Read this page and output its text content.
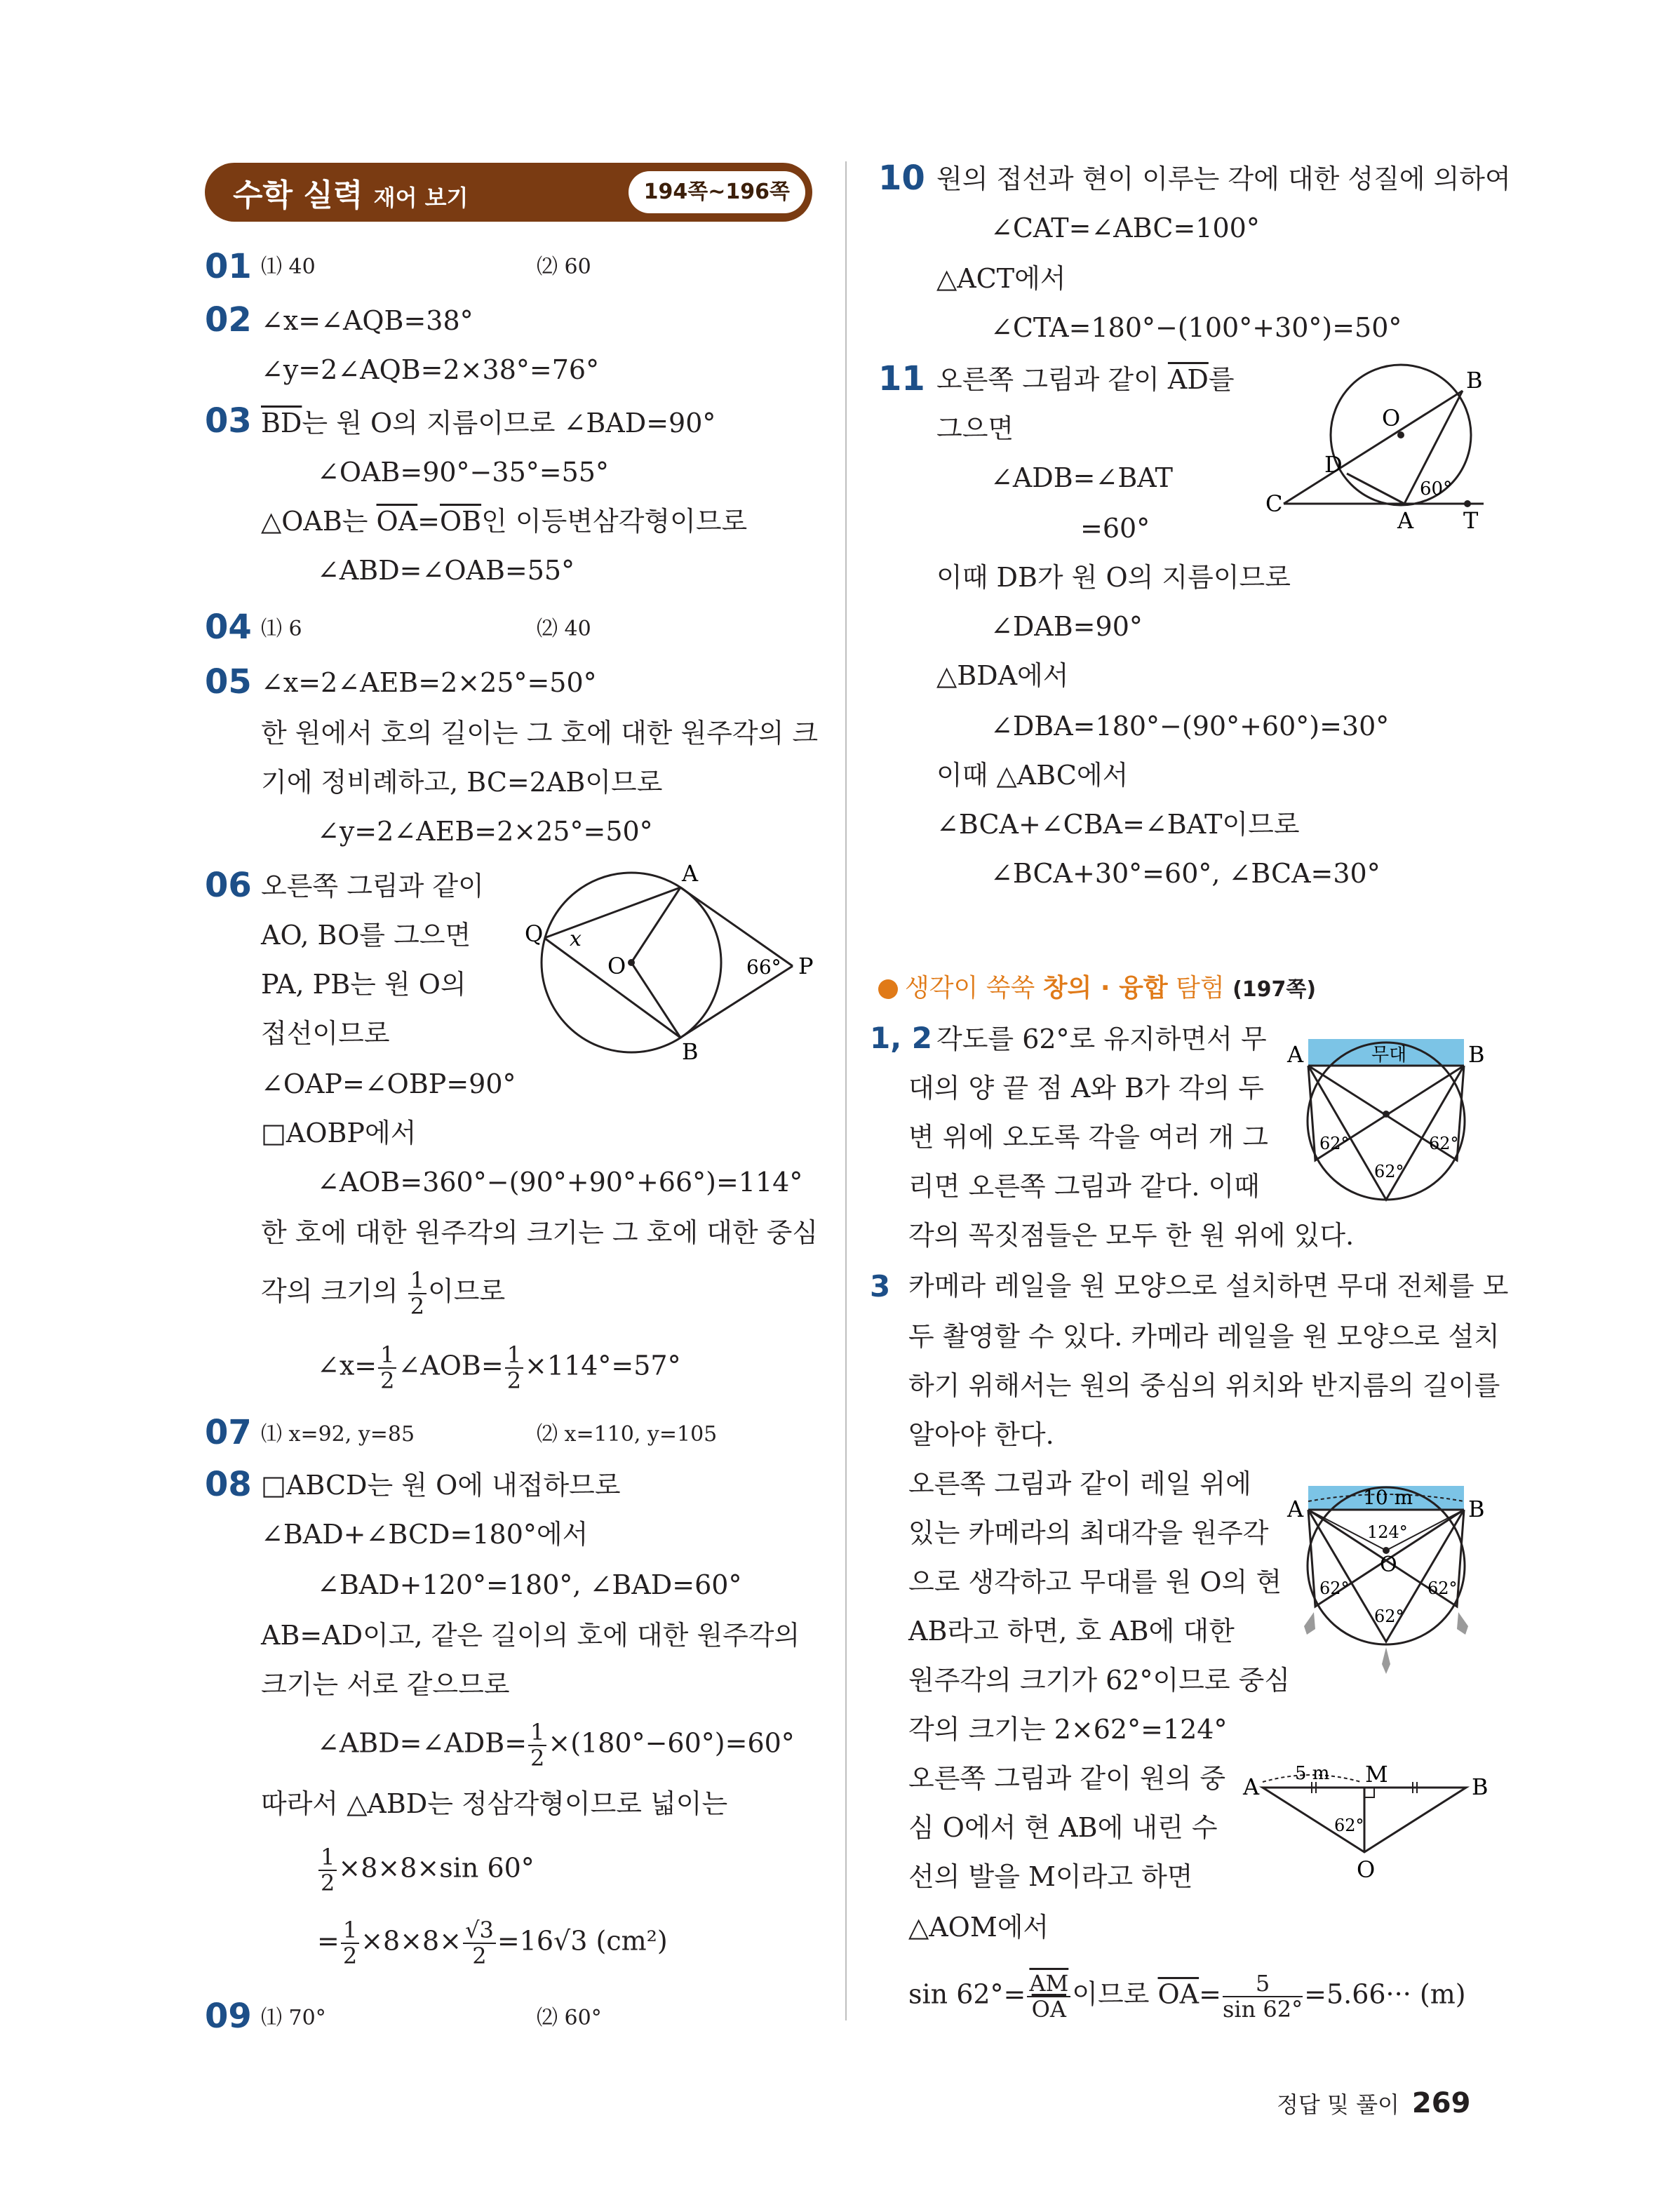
수학 실력 재어 보기	194쪽~196쪽
01 ⑴ 40	⑵ 60
02 ∠x=∠AQB=38°
∠y=2∠AQB=2×38°=76°
03 $\overline{BD}$는 원 O의 지름이므로 ∠BAD=90°
∠OAB=90°−35°=55°
△OAB는 $\overline{OA}=\overline{OB}$인 이등변삼각형이므로
∠ABD=∠OAB=55°
04 ⑴ 6	⑵ 40
05 ∠x=2∠AEB=2×25°=50°
한 원에서 호의 길이는 그 호에 대한 원주각의 크
기에 정비례하고, BC=2AB이므로
∠y=2∠AEB=2×25°=50°
06 오른쪽 그림과 같이
AO, BO를 그으면
PA, PB는 원 O의
접선이므로
∠OAP=∠OBP=90°
□AOBP에서
∠AOB=360°−(90°+90°+66°)=114°
한 호에 대한 원주각의 크기는 그 호에 대한 중심
각의 크기의 $\frac{1}{2}$ 이므로
∠x= $\frac{1}{2}$ ∠AOB= $\frac{1}{2} \times 114^\circ=57^\circ$
A
B
Q
P
O
x
66°
07 ⑴ x=92, y=85	⑵ x=110, y=105
08 □ABCD는 원 O에 내접하므로
∠BAD+∠BCD=180°에서
∠BAD+120°=180°, ∠BAD=60°
AB=AD이고, 같은 길이의 호에 대한 원주각의
크기는 서로 같으므로
∠ABD=∠ADB= $\frac{1}{2} \times(180^\circ-60^\circ)=60^\circ$
따라서 △ABD는 정삼각형이므로 넓이는
$\frac{1}{2} \times 8\times 8\times\sin$ 60°
= $\frac{1}{2} \times 8\times 8\times \frac{√3}{2} =16√3$ (cm²)
09 ⑴ 70°	⑵ 60°
10 원의 접선과 현이 이루는 각에 대한 성질에 의하여
∠CAT=∠ABC=100°
△ACT에서
∠CTA=180°−(100°+30°)=50°
11 오른쪽 그림과 같이 $\overline{AD}$를
그으면
∠ADB=∠BAT
=60°
이때 DB가 원 O의 지름이므로
∠DAB=90°
△BDA에서
∠DBA=180°−(90°+60°)=30°
이때 △ABC에서
∠BCA+∠CBA=∠BAT이므로
∠BCA+30°=60°, ∠BCA=30°
O
B
D
C
A T
60°
생각이 쑥쑥 창의 · 융합 탐험 (197쪽)
1, 2 각도를 62°로 유지하면서 무
대의 양 끝 점 A와 B가 각의 두
변 위에 오도록 각을 여러 개 그
리면 오른쪽 그림과 같다. 이때
각의 꼭짓점들은 모두 한 원 위에 있다.
무대
A	B
62°	62°
62°
3 카메라 레일을 원 모양으로 설치하면 무대 전체를 모
두 촬영할 수 있다. 카메라 레일을 원 모양으로 설치
하기 위해서는 원의 중심의 위치와 반지름의 길이를
알아야 한다.
오른쪽 그림과 같이 레일 위에
있는 카메라의 최대각을 원주각
으로 생각하고 무대를 원 O의 현
AB라고 하면, 호 AB에 대한
원주각의 크기가 62°이므로 중심
각의 크기는 2×62°=124°
오른쪽 그림과 같이 원의 중
심 O에서 현 AB에 내린 수
선의 발을 M이라고 하면
△AOM에서
$\sin 62^\circ= \frac{\overline{AM}}{OA}$ 이므로 $\overline{OA}= \frac{5}{\sin 62^\circ} =5.66\cdot\cdot\cdot (m)$
10 m
A	B
124°
O
62°	62°
62°
A	B
M
O
5 m
62°
정답 및 풀이 269
